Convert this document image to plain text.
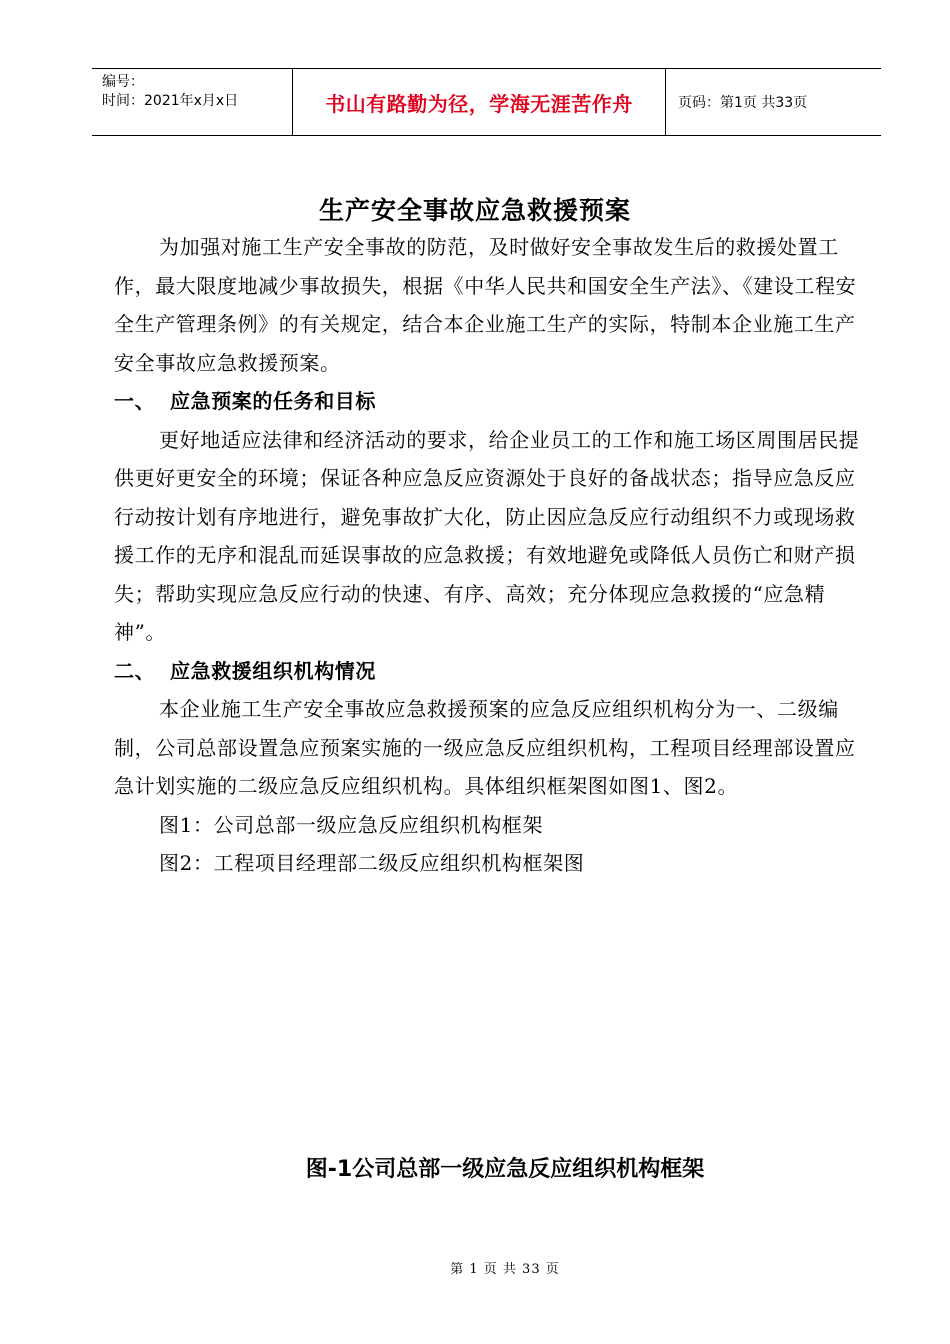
编号：
时间：2021年x月x日	书山有路勤为径，学海无涯苦作舟	页码：第1页 共33页
生产安全事故应急救援预案

为加强对施工生产安全事故的防范，及时做好安全事故发生后的救援处置工作，最大限度地减少事故损失，根据《中华人民共和国安全生产法》、《建设工程安全生产管理条例》的有关规定，结合本企业施工生产的实际，特制本企业施工生产安全事故应急救援预案。

一、 应急预案的任务和目标

更好地适应法律和经济活动的要求，给企业员工的工作和施工场区周围居民提供更好更安全的环境；保证各种应急反应资源处于良好的备战状态；指导应急反应行动按计划有序地进行，避免事故扩大化，防止因应急反应行动组织不力或现场救援工作的无序和混乱而延误事故的应急救援；有效地避免或降低人员伤亡和财产损失；帮助实现应急反应行动的快速、有序、高效；充分体现应急救援的“应急精神”。

二、 应急救援组织机构情况

本企业施工生产安全事故应急救援预案的应急反应组织机构分为一、二级编制，公司总部设置急应预案实施的一级应急反应组织机构，工程项目经理部设置应急计划实施的二级应急反应组织机构。具体组织框架图如图1、图2。

图1：公司总部一级应急反应组织机构框架

图2：工程项目经理部二级反应组织机构框架图

图-1公司总部一级应急反应组织机构框架
第 1 页 共 33 页
